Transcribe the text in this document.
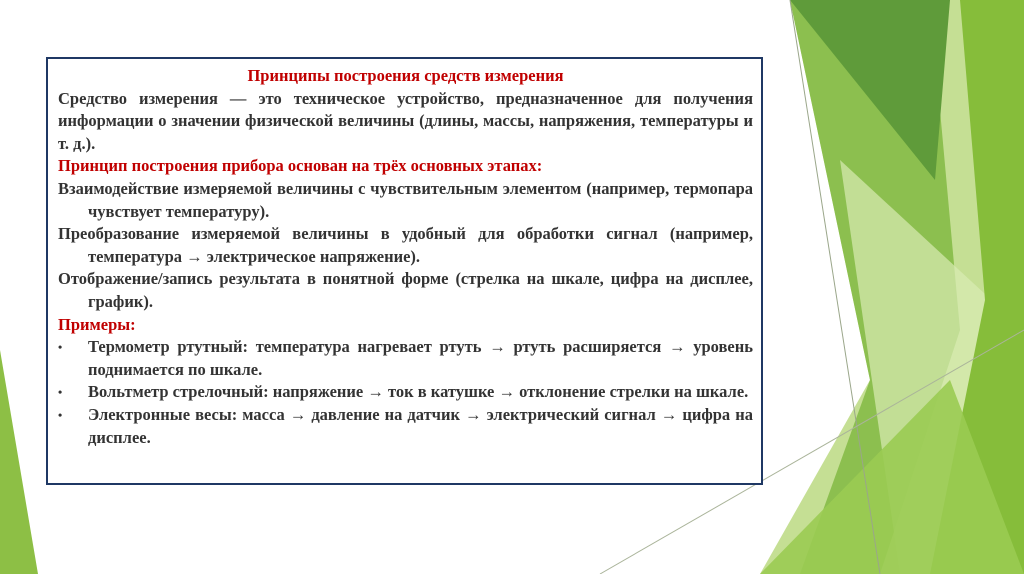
Принципы построения средств измерения
Средство измерения — это техническое устройство, предназначенное для получения информации о значении физической величины (длины, массы, напряжения, температуры и т. д.).
Принцип построения прибора основан на трёх основных этапах:
Взаимодействие измеряемой величины с чувствительным элементом (например, термопара чувствует температуру).
Преобразование измеряемой величины в удобный для обработки сигнал (например, температура → электрическое напряжение).
Отображение/запись результата в понятной форме (стрелка на шкале, цифра на дисплее, график).
Примеры:
• Термометр ртутный: температура нагревает ртуть → ртуть расширяется → уровень поднимается по шкале.
• Вольтметр стрелочный: напряжение → ток в катушке → отклонение стрелки на шкале.
• Электронные весы: масса → давление на датчик → электрический сигнал → цифра на дисплее.
